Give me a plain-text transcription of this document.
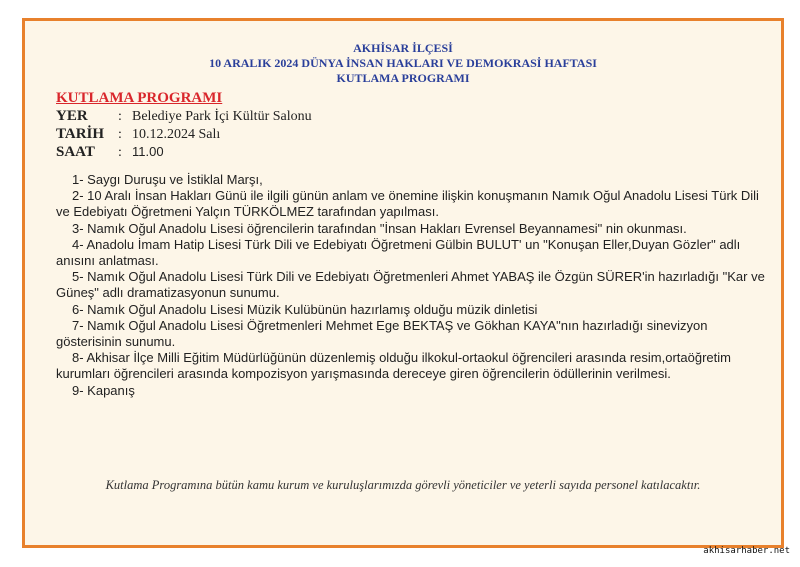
AKHİSAR İLÇESİ
10 ARALIK 2024 DÜNYA İNSAN HAKLARI VE DEMOKRASİ HAFTASI
KUTLAMA PROGRAMI
KUTLAMA PROGRAMI
YER : Belediye Park İçi Kültür Salonu
TARİH : 10.12.2024 Salı
SAAT : 11.00

1- Saygı Duruşu ve İstiklal Marşı,

2- 10 Aralı İnsan Hakları Günü ile ilgili günün anlam ve önemine ilişkin konuşmanın Namık Oğul Anadolu Lisesi Türk Dili ve Edebiyatı Öğretmeni Yalçın TÜRKÖLMEZ tarafından yapılması.

3- Namık Oğul Anadolu Lisesi öğrencilerin tarafından "İnsan Hakları Evrensel Beyannamesi" nin okunması.

4- Anadolu İmam Hatip Lisesi Türk Dili ve Edebiyatı Öğretmeni Gülbin BULUT' un "Konuşan Eller,Duyan Gözler" adlı anısını anlatması.

5- Namık Oğul Anadolu Lisesi Türk Dili ve Edebiyatı Öğretmenleri Ahmet YABAŞ ile Özgün SÜRER'in hazırladığı "Kar ve Güneş" adlı dramatizasyonun sunumu.

6- Namık Oğul Anadolu Lisesi Müzik Kulübünün hazırlamış olduğu müzik dinletisi

7- Namık Oğul Anadolu Lisesi Öğretmenleri Mehmet Ege BEKTAŞ ve Gökhan KAYA"nın hazırladığı sinevizyon gösterisinin sunumu.

8- Akhisar İlçe Milli Eğitim Müdürlüğünün düzenlemiş olduğu ilkokul-ortaokul öğrencileri arasında resim,ortaöğretim kurumları öğrencileri arasında kompozisyon yarışmasında dereceye giren öğrencilerin ödüllerinin verilmesi.

9- Kapanış

Kutlama Programına bütün kamu kurum ve kuruluşlarımızda görevli yöneticiler ve yeterli sayıda personel katılacaktır.
akhisarhaber.net
